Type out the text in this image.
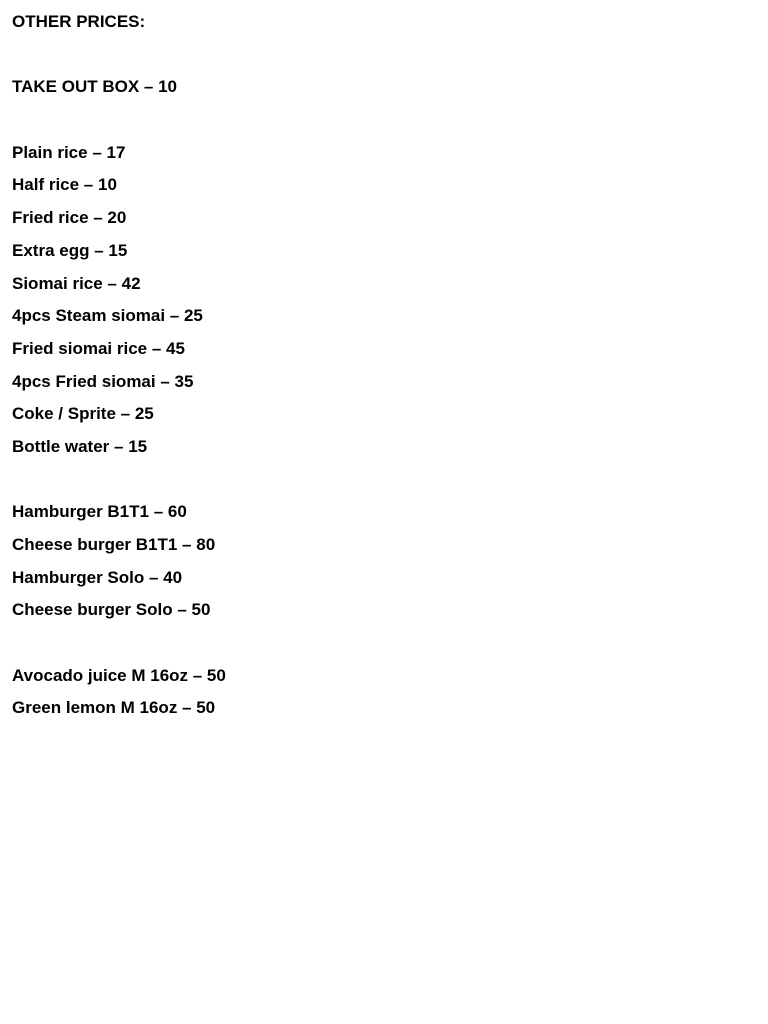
OTHER PRICES:
TAKE OUT BOX – 10
Plain rice – 17
Half rice – 10
Fried rice – 20
Extra egg – 15
Siomai rice – 42
4pcs Steam siomai – 25
Fried siomai rice – 45
4pcs Fried siomai – 35
Coke / Sprite – 25
Bottle water – 15
Hamburger B1T1 – 60
Cheese burger B1T1 – 80
Hamburger Solo – 40
Cheese burger Solo – 50
Avocado juice M 16oz – 50
Green lemon M 16oz – 50
